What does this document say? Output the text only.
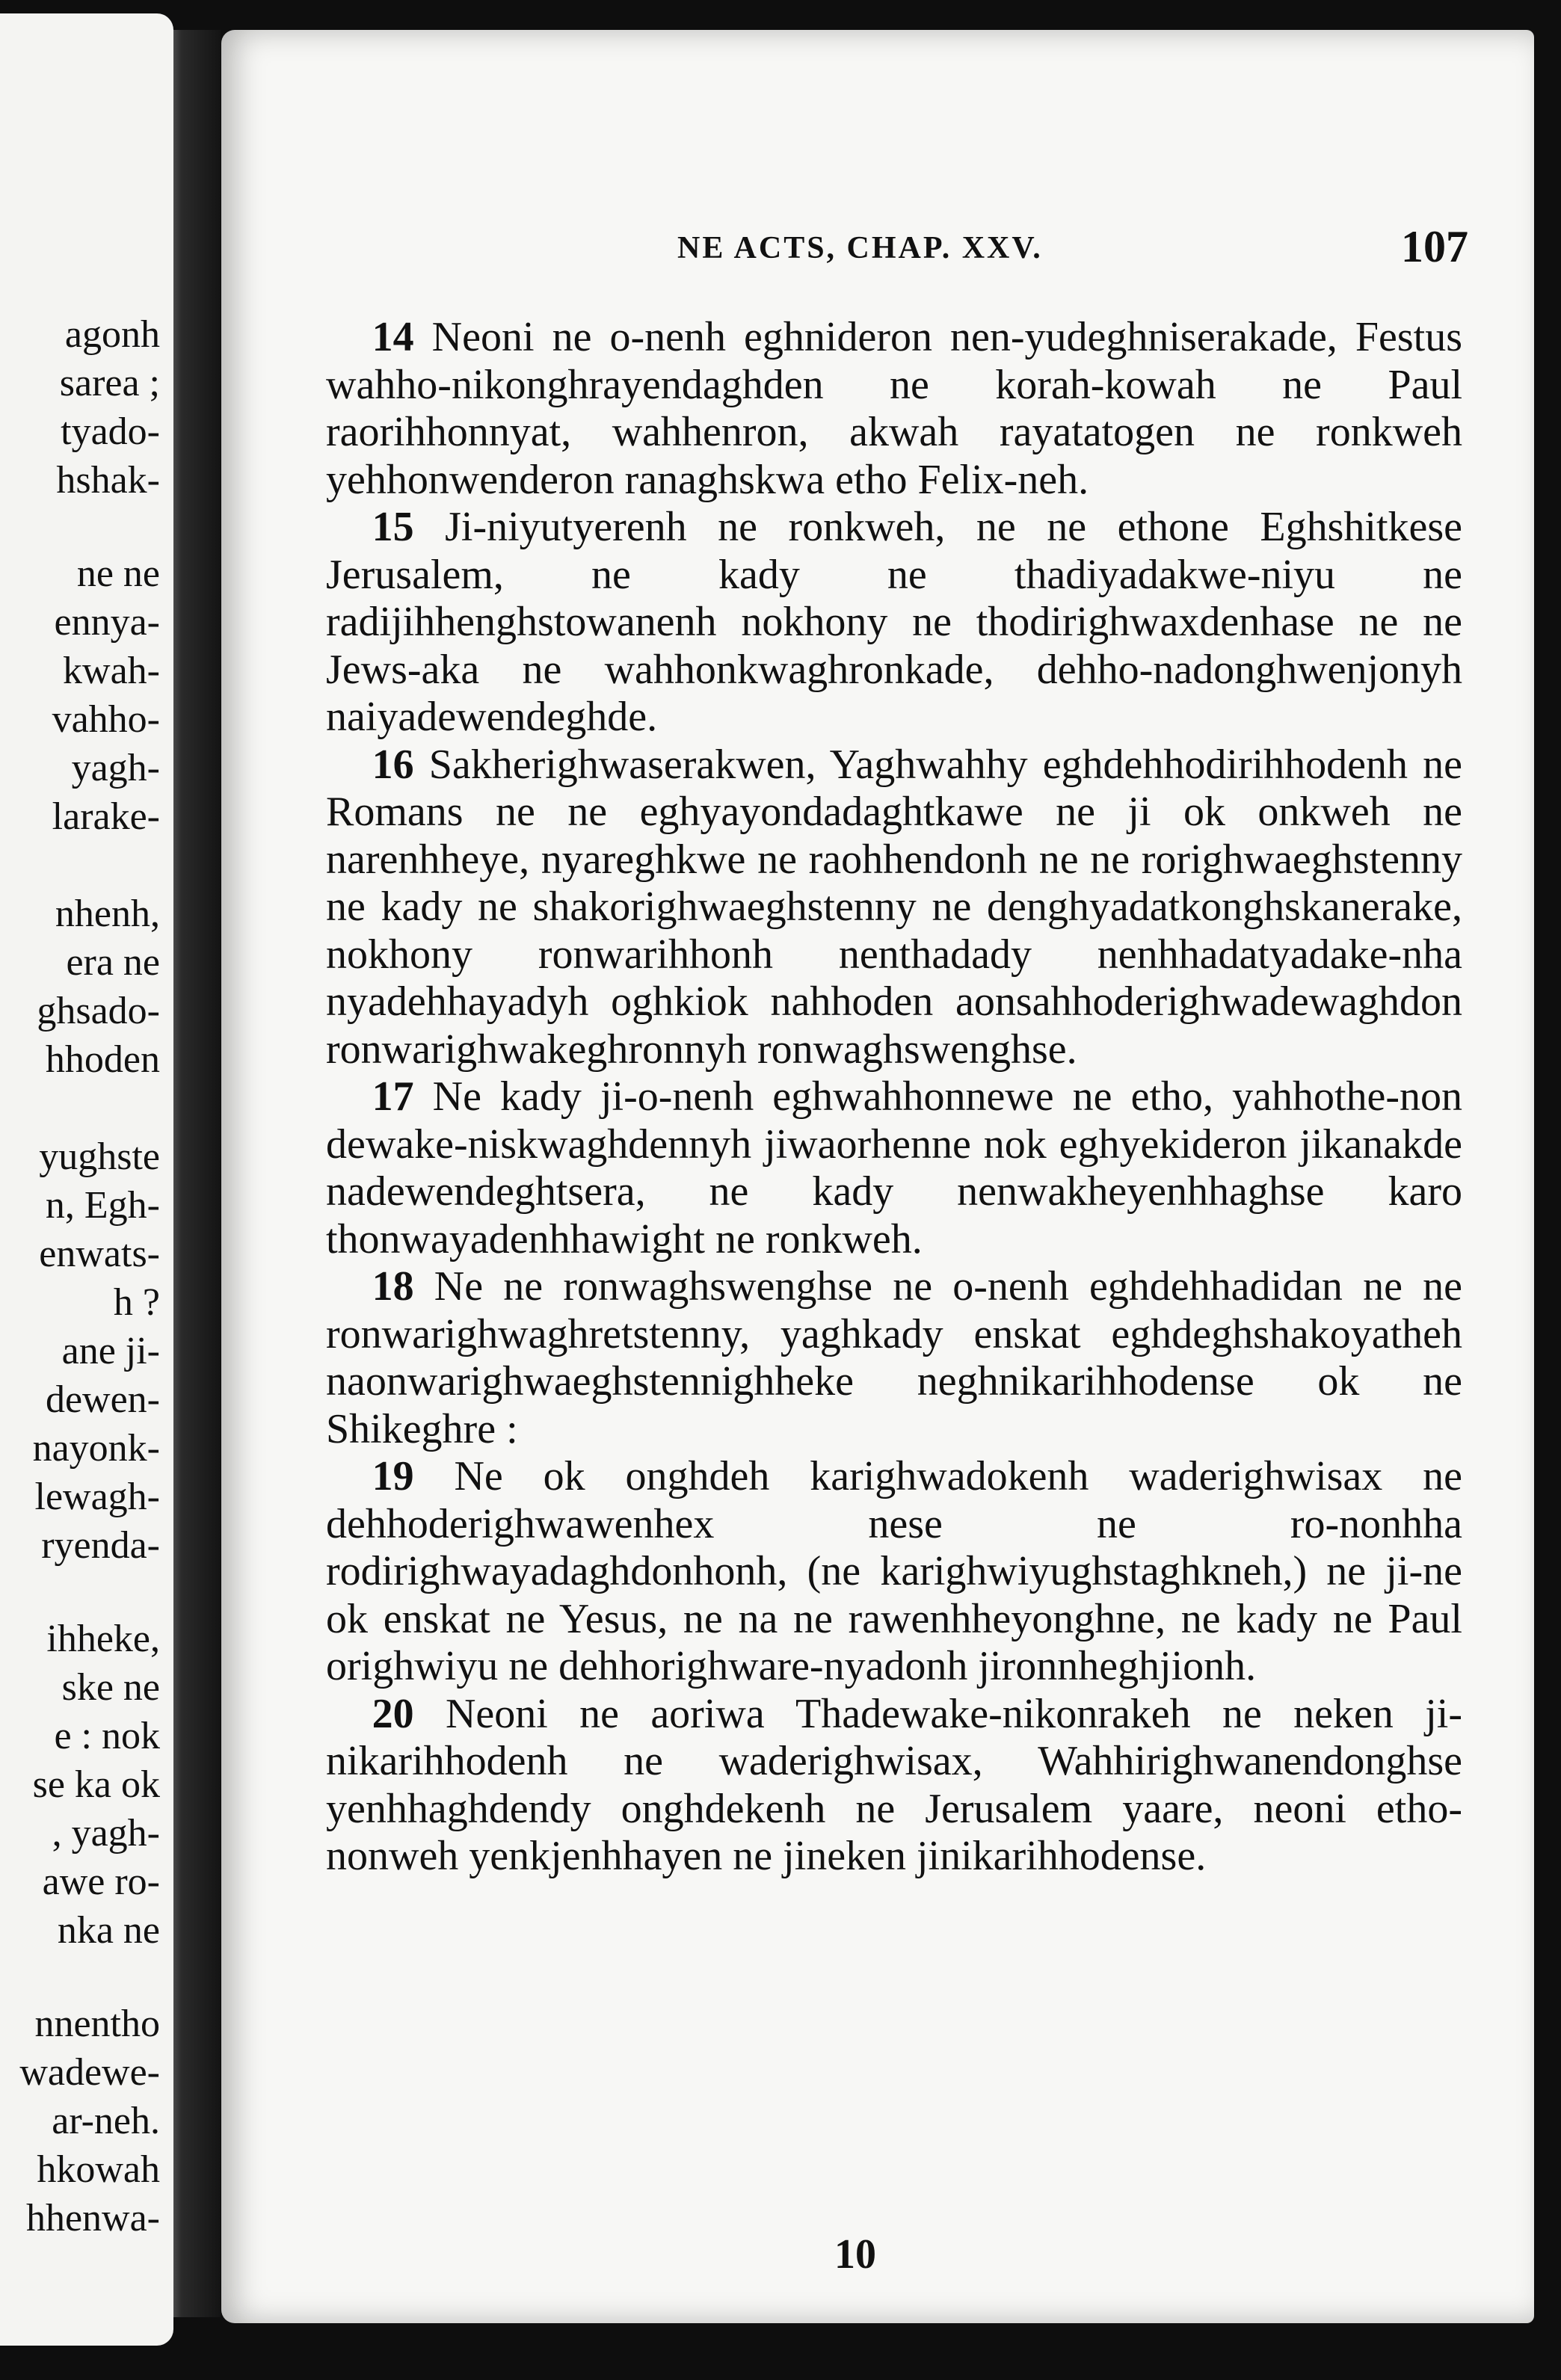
agonh
sarea ;
tyado-
hshak-
ne ne
ennya-
kwah-
vahho-
yagh-
larake-
nhenh,
era ne
ghsado-
hhoden
yughste
n, Egh-
enwats-
h ?
ane ji-
dewen-
nayonk-
lewagh-
ryenda-
ihheke,
ske ne
e : nok
se ka ok
, yagh-
awe ro-
nka ne
nnentho
wadewe-
ar-neh.
hkowah
hhenwa-
NE ACTS, CHAP. XXV.	107

14 Neoni ne o-nenh eghnideron nen-yudeghniserakade, Festus wahho-nikonghrayendaghden ne korah-kowah ne Paul raorihhonnyat, wahhenron, akwah rayatatogen ne ronkweh yehhonwenderon ranaghskwa etho Felix-neh.

15 Ji-niyutyerenh ne ronkweh, ne ne ethone Eghshitkese Jerusalem, ne kady ne thadiyadakwe-niyu ne radijihhenghstowanenh nokhony ne thodirighwaxdenhase ne ne Jews-aka ne wahhonkwaghronkade, dehho-nadonghwenjonyh naiyadewendeghde.

16 Sakherighwaserakwen, Yaghwahhy eghdehhodirihhodenh ne Romans ne ne eghyayondadaghtkawe ne ji ok onkweh ne narenhheye, nyareghkwe ne raohhendonh ne ne rorighwaeghstenny ne kady ne shakorighwaeghstenny ne denghyadatkonghskanerake, nokhony ronwarihhonh nenthadady nenhhadatyadake-nha nyadehhayadyh oghkiok nahhoden aonsahhoderighwadewaghdon ronwarighwakeghronnyh ronwaghswenghse.

17 Ne kady ji-o-nenh eghwahhonnewe ne etho, yahhothe-non dewake-niskwaghdennyh jiwaorhenne nok eghyekideron jikanakde nadewendeghtsera, ne kady nenwakheyenhhaghse karo thonwayadenhhawight ne ronkweh.

18 Ne ne ronwaghswenghse ne o-nenh eghdehhadidan ne ne ronwarighwaghretstenny, yaghkady enskat eghdeghshakoyatheh naonwarighwaeghstennighheke neghnikarihhodense ok ne Shikeghre :

19 Ne ok onghdeh karighwadokenh waderighwisax ne dehhoderighwawenhex nese ne ro-nonhha rodirighwayadaghdonhonh, (ne karighwiyughstaghkneh,) ne ji-ne ok enskat ne Yesus, ne na ne rawenhheyonghne, ne kady ne Paul orighwiyu ne dehhorighware-nyadonh jironnheghjionh.

20 Neoni ne aoriwa Thadewake-nikonrakeh ne neken ji-nikarihhodenh ne waderighwisax, Wahhirighwanendonghse yenhhaghdendy onghdekenh ne Jerusalem yaare, neoni etho-nonweh yenkjenhhayen ne jineken jinikarihhodense.

10
